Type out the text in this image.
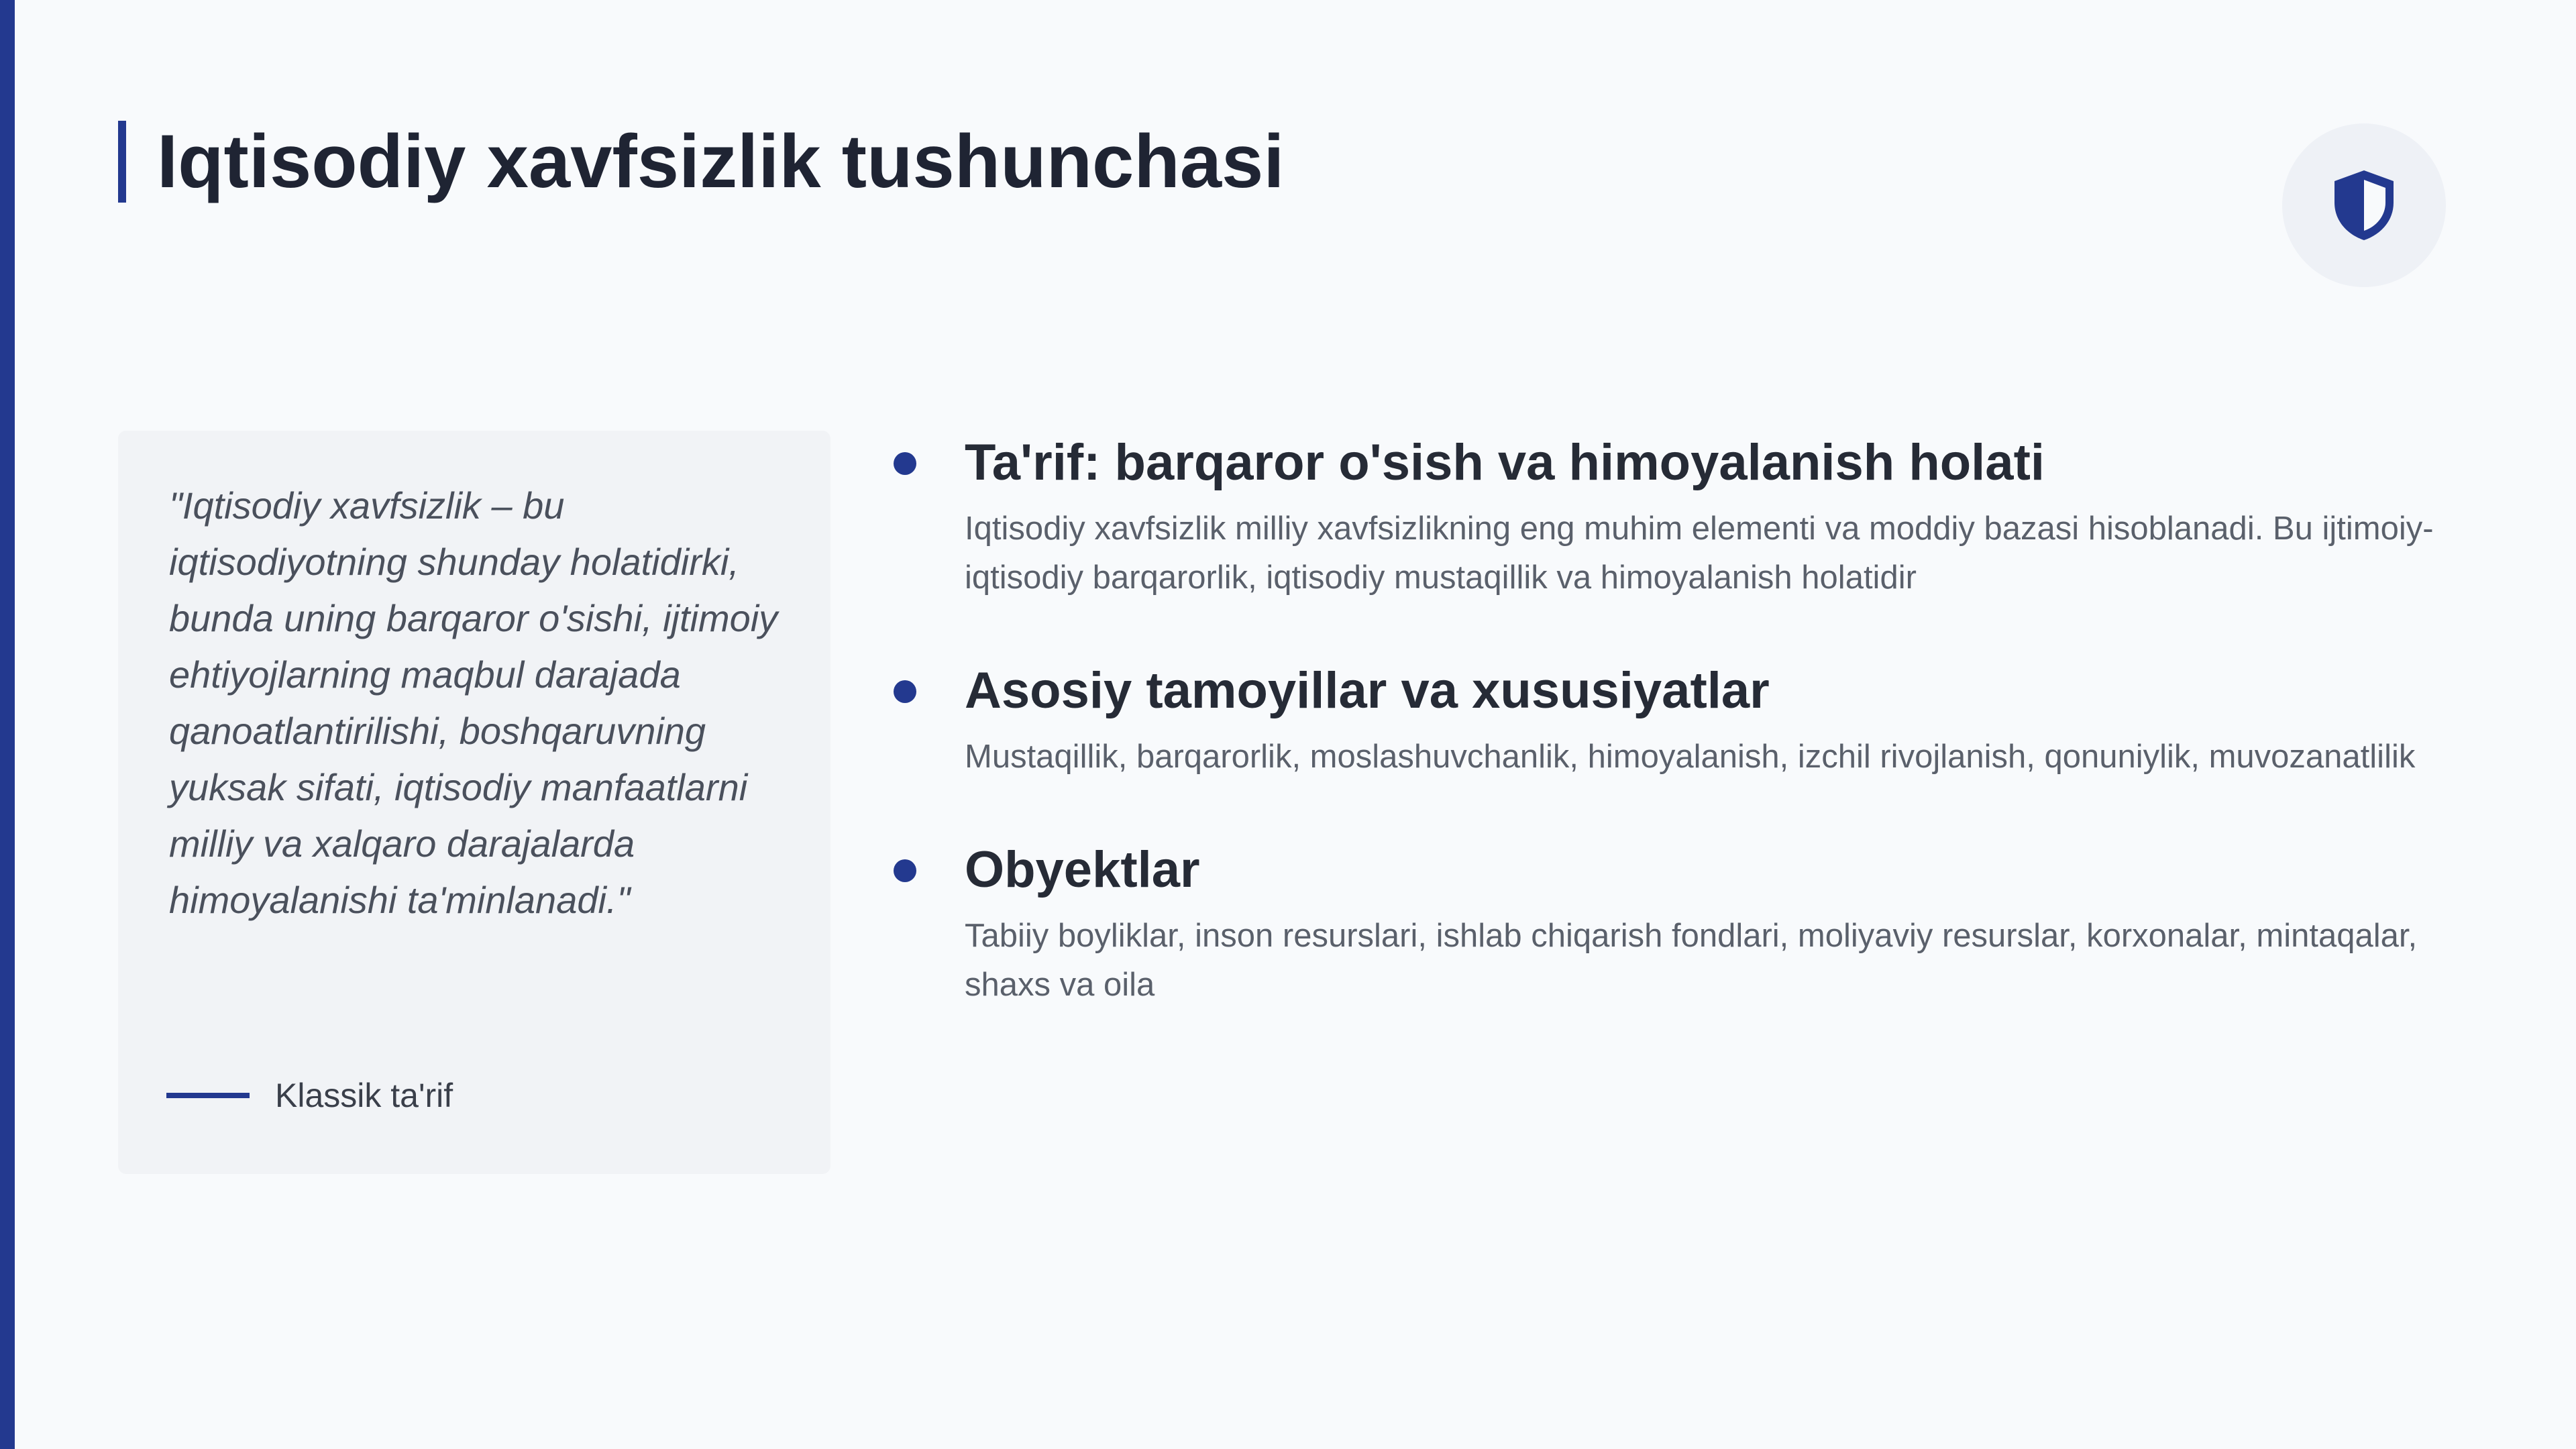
Iqtisodiy xavfsizlik tushunchasi

"Iqtisodiy xavfsizlik – bu iqtisodiyotning shunday holatidirki, bunda uning barqaror o'sishi, ijtimoiy ehtiyojlarning maqbul darajada qanoatlantirilishi, boshqaruvning yuksak sifati, iqtisodiy manfaatlarni milliy va xalqaro darajalarda himoyalanishi ta'minlanadi."

Klassik ta'rif
Ta'rif: barqaror o'sish va himoyalanish holati

Iqtisodiy xavfsizlik milliy xavfsizlikning eng muhim elementi va moddiy bazasi hisoblanadi. Bu ijtimoiy-iqtisodiy barqarorlik, iqtisodiy mustaqillik va himoyalanish holatidir

Asosiy tamoyillar va xususiyatlar

Mustaqillik, barqarorlik, moslashuvchanlik, himoyalanish, izchil rivojlanish, qonuniylik, muvozanatlilik

Obyektlar

Tabiiy boyliklar, inson resurslari, ishlab chiqarish fondlari, moliyaviy resurslar, korxonalar, mintaqalar, shaxs va oila
